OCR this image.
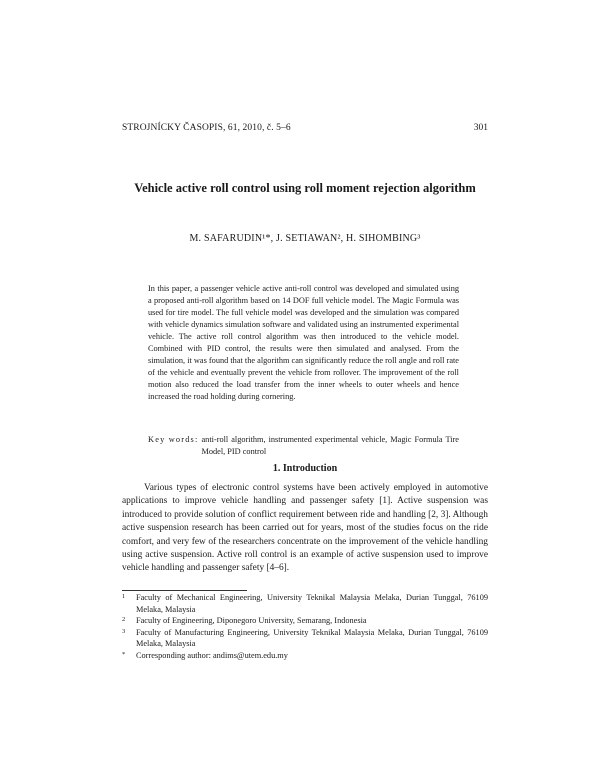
STROJNÍCKY ČASOPIS, 61, 2010, č. 5–6	301
Vehicle active roll control using roll moment rejection algorithm
M. SAFARUDIN¹*, J. SETIAWAN², H. SIHOMBING³

In this paper, a passenger vehicle active anti-roll control was developed and simulated using a proposed anti-roll algorithm based on 14 DOF full vehicle model. The Magic Formula was used for tire model. The full vehicle model was developed and the simulation was compared with vehicle dynamics simulation software and validated using an instrumented experimental vehicle. The active roll control algorithm was then introduced to the vehicle model. Combined with PID control, the results were then simulated and analysed. From the simulation, it was found that the algorithm can significantly reduce the roll angle and roll rate of the vehicle and eventually prevent the vehicle from rollover. The improvement of the roll motion also reduced the load transfer from the inner wheels to outer wheels and hence increased the road holding during cornering.

Key words: anti-roll algorithm, instrumented experimental vehicle, Magic Formula Tire Model, PID control
1. Introduction

Various types of electronic control systems have been actively employed in automotive applications to improve vehicle handling and passenger safety [1]. Active suspension was introduced to provide solution of conflict requirement between ride and handling [2, 3]. Although active suspension research has been carried out for years, most of the studies focus on the ride comfort, and very few of the researchers concentrate on the improvement of the vehicle handling using active suspension. Active roll control is an example of active suspension used to improve vehicle handling and passenger safety [4–6].

1	Faculty of Mechanical Engineering, University Teknikal Malaysia Melaka, Durian Tunggal, 76109 Melaka, Malaysia
2	Faculty of Engineering, Diponegoro University, Semarang, Indonesia
3	Faculty of Manufacturing Engineering, University Teknikal Malaysia Melaka, Durian Tunggal, 76109 Melaka, Malaysia
*	Corresponding author: andims@utem.edu.my
